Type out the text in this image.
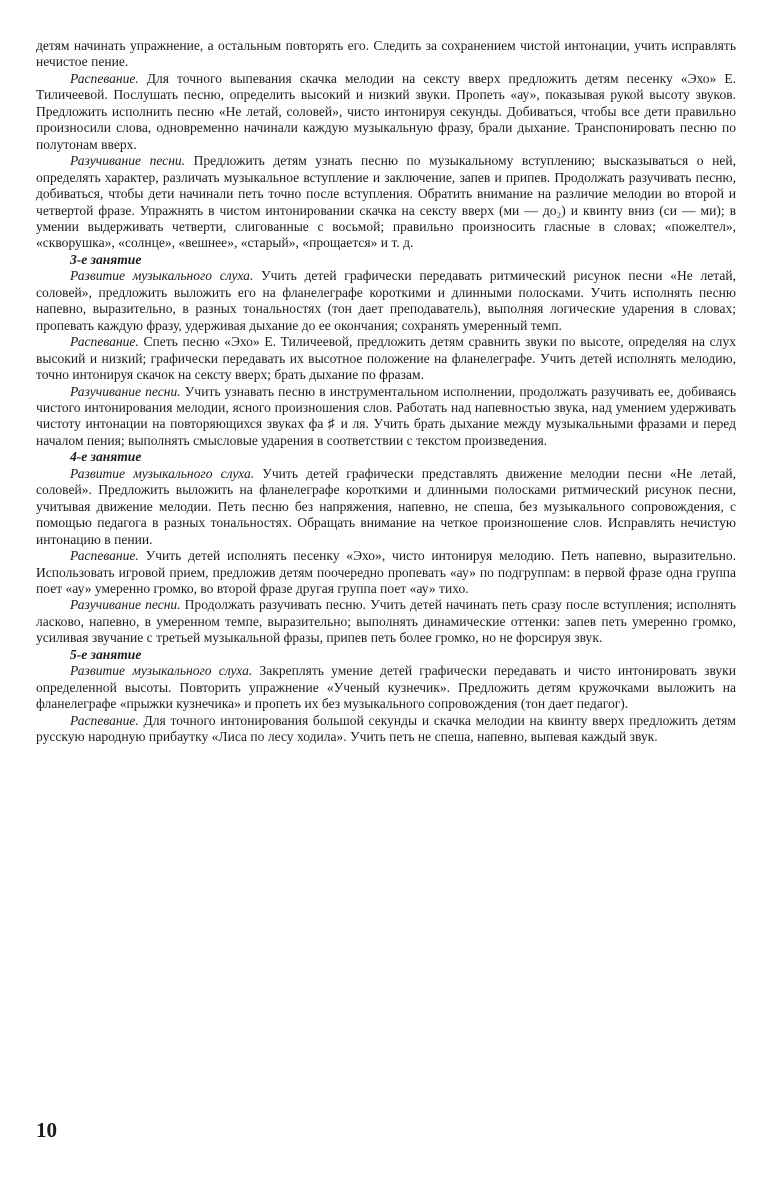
детям начинать упражнение, а остальным повторять его. Следить за сохранением чистой интонации, учить исправлять нечистое пение.

Распевание. Для точного выпевания скачка мелодии на сексту вверх предложить детям песенку «Эхо» Е. Тиличеевой. Послушать песню, определить высокий и низкий звуки. Пропеть «ау», показывая рукой высоту звуков. Предложить исполнить песню «Не летай, соловей», чисто интонируя секунды. Добиваться, чтобы все дети правильно произносили слова, одновременно начинали каждую музыкальную фразу, брали дыхание. Транспонировать песню по полутонам вверх.

Разучивание песни. Предложить детям узнать песню по музыкальному вступлению; высказываться о ней, определять характер, различать музыкальное вступление и заключение, запев и припев. Продолжать разучивать песню, добиваться, чтобы дети начинали петь точно после вступления. Обратить внимание на различие мелодии во второй и четвертой фразе. Упражнять в чистом интонировании скачка на сексту вверх (ми — до₂) и квинту вниз (си — ми); в умении выдерживать четверти, слигованные с восьмой; правильно произносить гласные в словах; «пожелтел», «скворушка», «солнце», «вешнее», «старый», «прощается» и т. д.

3-е занятие

Развитие музыкального слуха. Учить детей графически передавать ритмический рисунок песни «Не летай, соловей», предложить выложить его на фланелеграфе короткими и длинными полосками. Учить исполнять песню напевно, выразительно, в разных тональностях (тон дает преподаватель), выполняя логические ударения в словах; пропевать каждую фразу, удерживая дыхание до ее окончания; сохранять умеренный темп.

Распевание. Спеть песню «Эхо» Е. Тиличеевой, предложить детям сравнить звуки по высоте, определяя на слух высокий и низкий; графически передавать их высотное положение на фланелеграфе. Учить детей исполнять мелодию, точно интонируя скачок на сексту вверх; брать дыхание по фразам.

Разучивание песни. Учить узнавать песню в инструментальном исполнении, продолжать разучивать ее, добиваясь чистого интонирования мелодии, ясного произношения слов. Работать над напевностью звука, над умением удерживать чистоту интонации на повторяющихся звуках фа ♯ и ля. Учить брать дыхание между музыкальными фразами и перед началом пения; выполнять смысловые ударения в соответствии с текстом произведения.

4-е занятие

Развитие музыкального слуха. Учить детей графически представлять движение мелодии песни «Не летай, соловей». Предложить выложить на фланелеграфе короткими и длинными полосками ритмический рисунок песни, учитывая движение мелодии. Петь песню без напряжения, напевно, не спеша, без музыкального сопровождения, с помощью педагога в разных тональностях. Обращать внимание на четкое произношение слов. Исправлять нечистую интонацию в пении.

Распевание. Учить детей исполнять песенку «Эхо», чисто интонируя мелодию. Петь напевно, выразительно. Использовать игровой прием, предложив детям поочередно пропевать «ау» по подгруппам: в первой фразе одна группа поет «ау» умеренно громко, во второй фразе другая группа поет «ау» тихо.

Разучивание песни. Продолжать разучивать песню. Учить детей начинать петь сразу после вступления; исполнять ласково, напевно, в умеренном темпе, выразительно; выполнять динамические оттенки: запев петь умеренно громко, усиливая звучание с третьей музыкальной фразы, припев петь более громко, но не форсируя звук.

5-е занятие

Развитие музыкального слуха. Закреплять умение детей графически передавать и чисто интонировать звуки определенной высоты. Повторить упражнение «Ученый кузнечик». Предложить детям кружочками выложить на фланелеграфе «прыжки кузнечика» и пропеть их без музыкального сопровождения (тон дает педагог).

Распевание. Для точного интонирования большой секунды и скачка мелодии на квинту вверх предложить детям русскую народную прибаутку «Лиса по лесу ходила». Учить петь не спеша, напевно, выпевая каждый звук.

10
